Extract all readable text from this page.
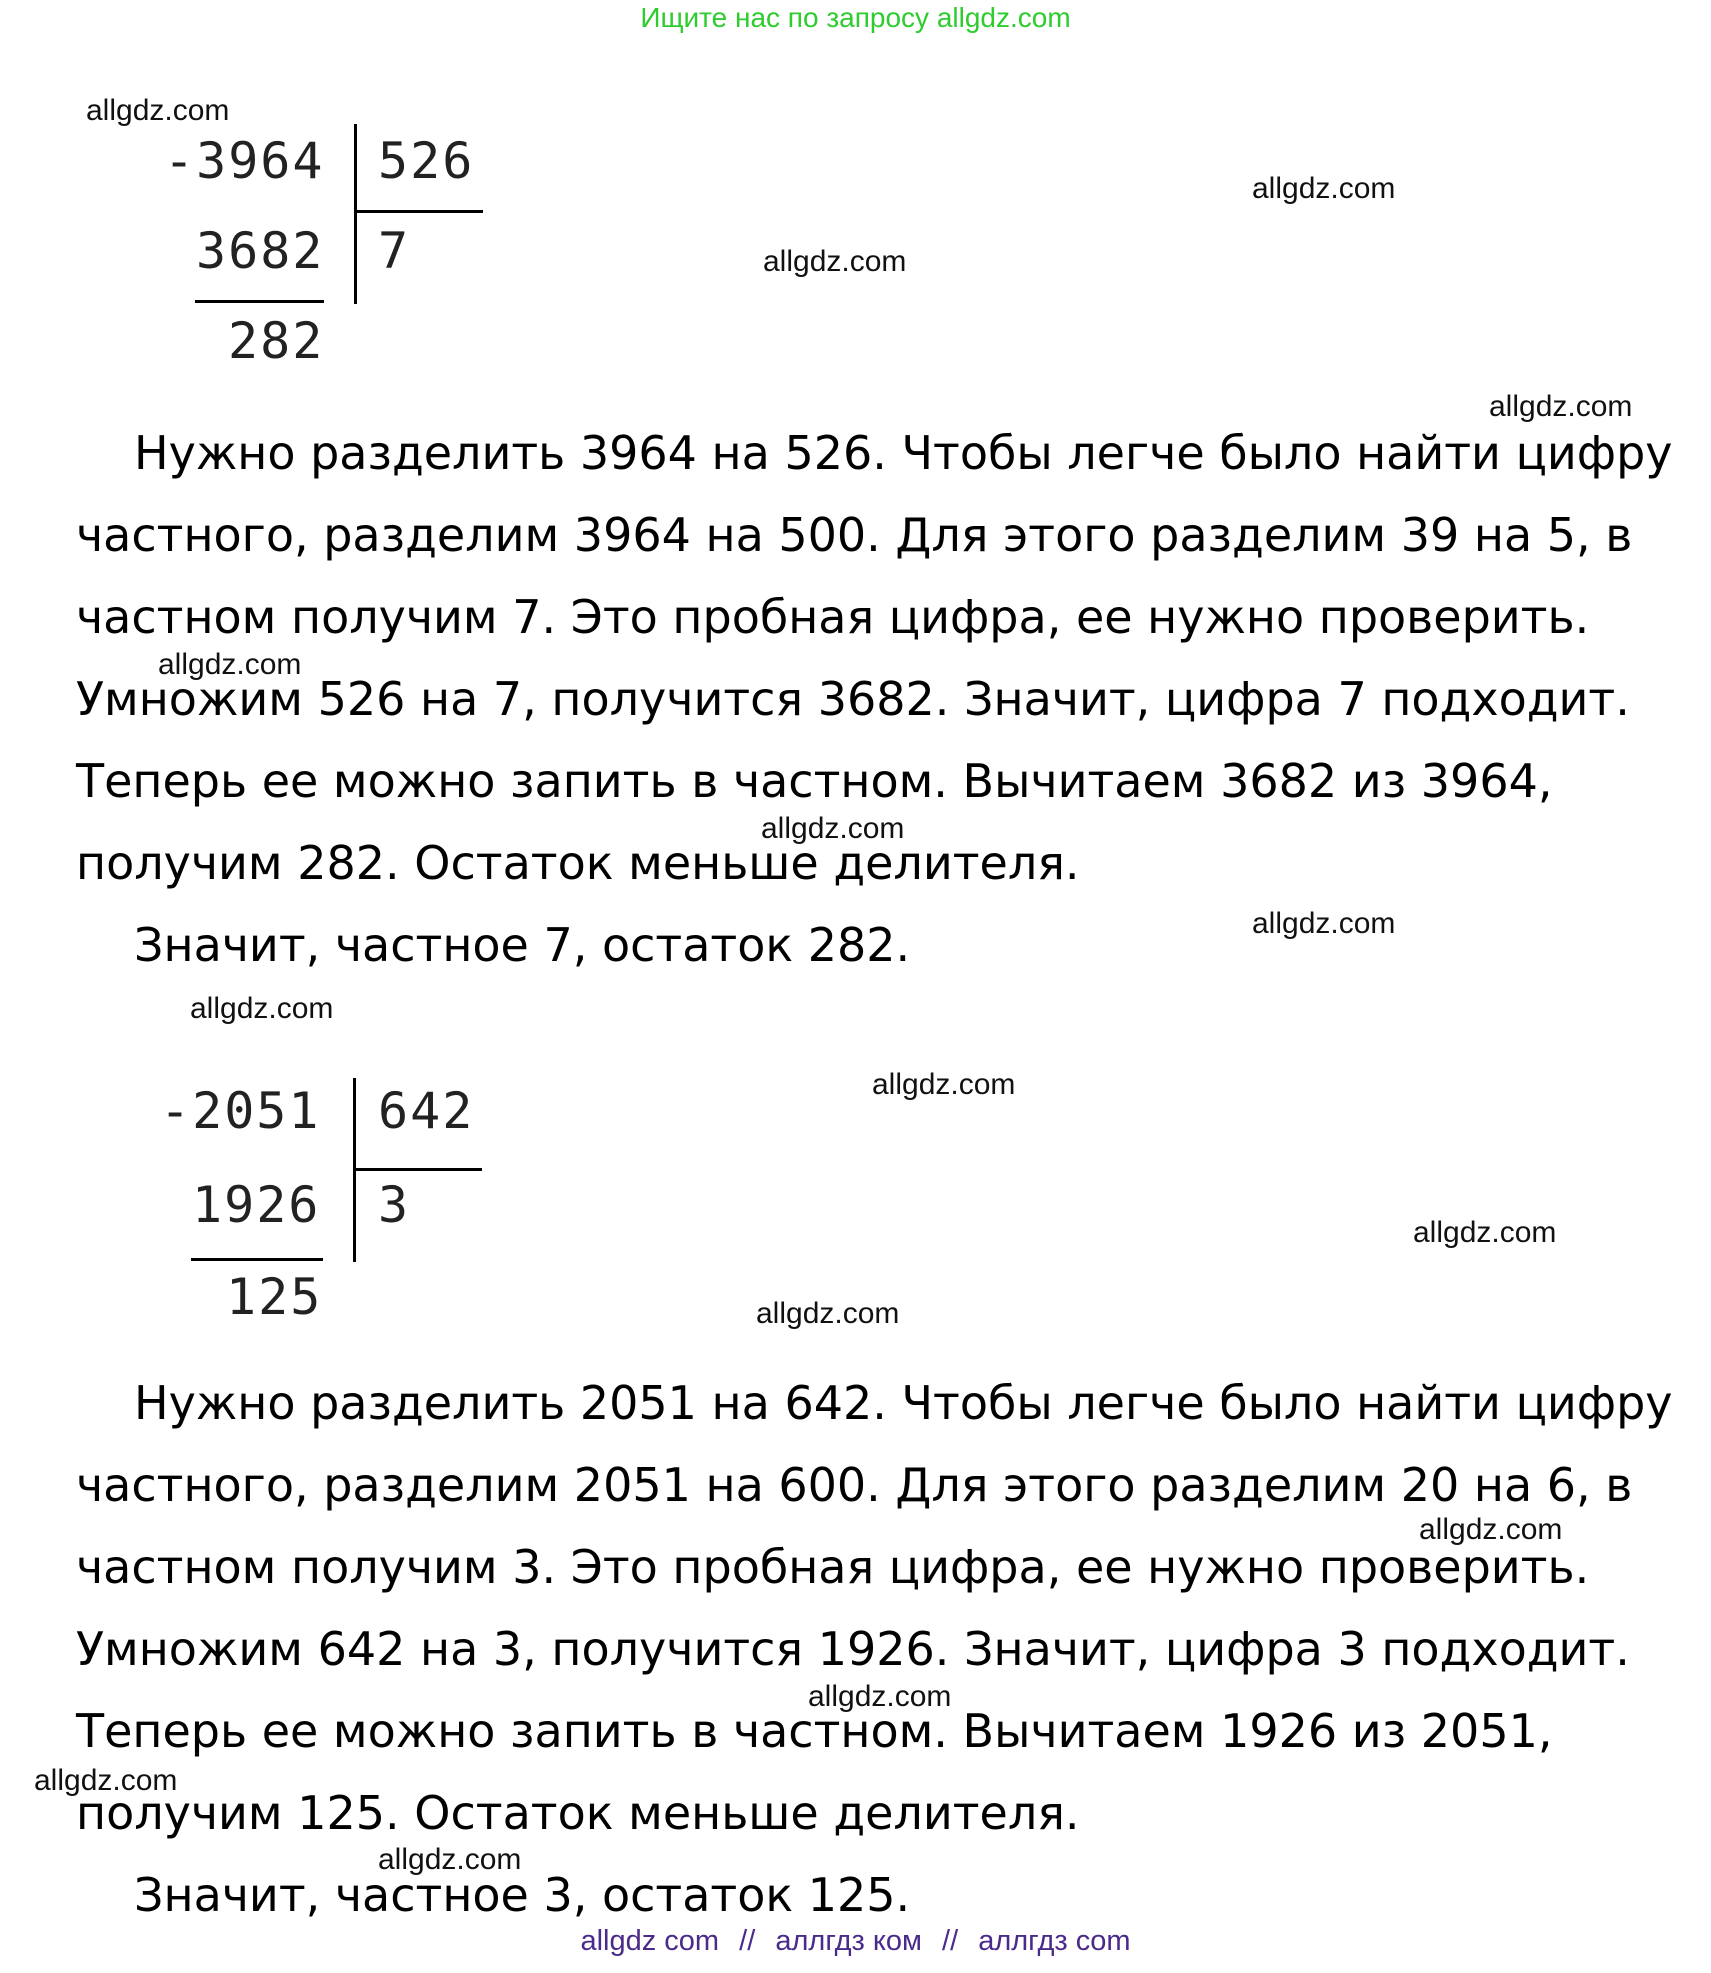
Ищите нас по запросу allgdz.com
allgdz.com
allgdz.com
allgdz.com
allgdz.com
allgdz.com
allgdz.com
allgdz.com
allgdz.com
allgdz.com
allgdz.com
allgdz.com
allgdz.com
allgdz.com
allgdz.com
allgdz.com
-3964 526
3682 7
282
Нужно разделить 3964 на 526. Чтобы легче было найти цифру
частного, разделим 3964 на 500. Для этого разделим 39 на 5, в
частном получим 7. Это пробная цифра, ее нужно проверить.
Умножим 526 на 7, получится 3682. Значит, цифра 7 подходит.
Теперь ее можно запить в частном. Вычитаем 3682 из 3964,
получим 282. Остаток меньше делителя.
Значит, частное 7, остаток 282.
-2051 642
1926 3
125
Нужно разделить 2051 на 642. Чтобы легче было найти цифру
частного, разделим 2051 на 600. Для этого разделим 20 на 6, в
частном получим 3. Это пробная цифра, ее нужно проверить.
Умножим 642 на 3, получится 1926. Значит, цифра 3 подходит.
Теперь ее можно запить в частном. Вычитаем 1926 из 2051,
получим 125. Остаток меньше делителя.
Значит, частное 3, остаток 125.
allgdz com // аллгдз ком // аллгдз com
